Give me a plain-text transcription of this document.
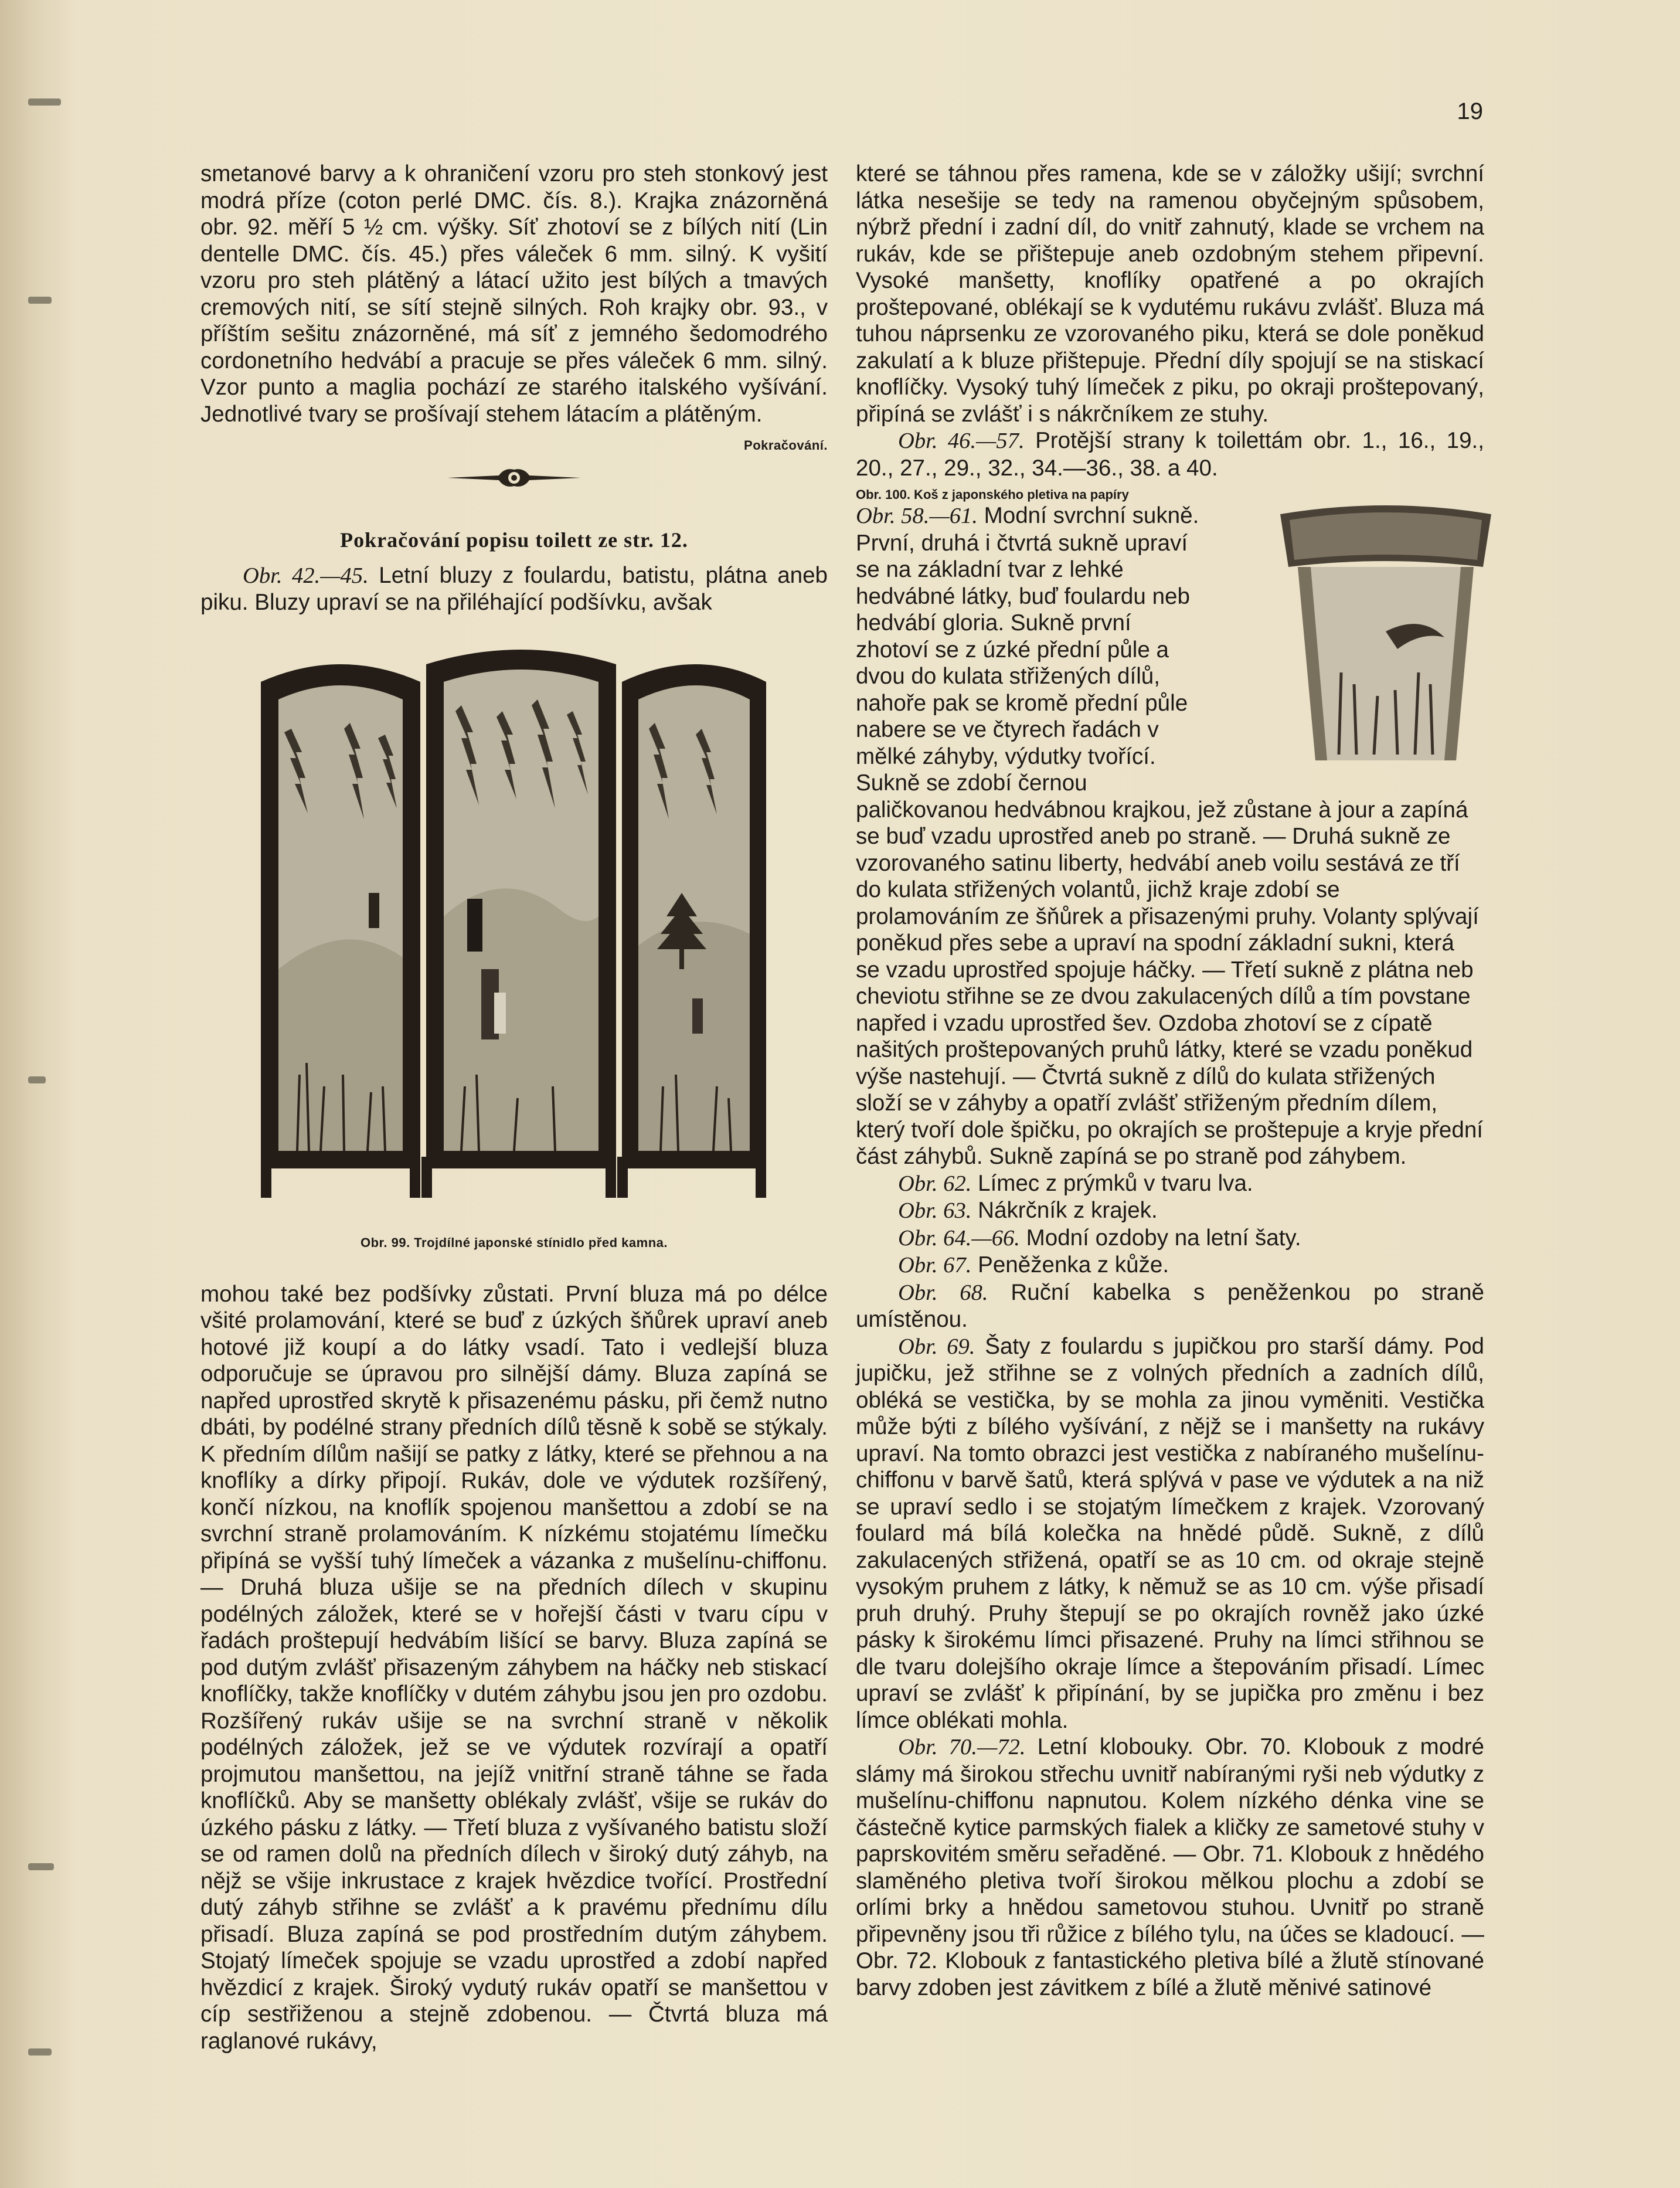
19

smetanové barvy a k ohraničení vzoru pro steh stonkový jest modrá příze (coton perlé DMC. čís. 8.). Krajka znázorněná obr. 92. měří 5 ½ cm. výšky. Síť zhotoví se z bílých nití (Lin dentelle DMC. čís. 45.) přes váleček 6 mm. silný. K vyšití vzoru pro steh plátěný a látací užito jest bílých a tmavých cremových nití, se sítí stejně silných. Roh krajky obr. 93., v příštím sešitu znázorněné, má síť z jemného šedomodrého cordonetního hedvábí a pracuje se přes váleček 6 mm. silný. Vzor punto a maglia pochází ze starého italského vyšívání. Jednotlivé tvary se prošívají stehem látacím a plátěným.
Pokračování.

Pokračování popisu toilett ze str. 12.

Obr. 42.—45. Letní bluzy z foulardu, batistu, plátna aneb piku. Bluzy upraví se na přiléhající podšívku, avšak

Obr. 99. Trojdílné japonské stínidlo před kamna.

mohou také bez podšívky zůstati. První bluza má po délce všité prolamování, které se buď z úzkých šňůrek upraví aneb hotové již koupí a do látky vsadí. Tato i vedlejší bluza odporučuje se úpravou pro silnější dámy. Bluza zapíná se napřed uprostřed skrytě k přisazenému pásku, při čemž nutno dbáti, by podélné strany předních dílů těsně k sobě se stýkaly. K předním dílům našijí se patky z látky, které se přehnou a na knoflíky a dírky připojí. Rukáv, dole ve výdutek rozšířený, končí nízkou, na knoflík spojenou manšettou a zdobí se na svrchní straně prolamováním. K nízkému stojatému límečku připíná se vyšší tuhý límeček a vázanka z mušelínu-chiffonu. — Druhá bluza ušije se na předních dílech v skupinu podélných záložek, které se v hořejší části v tvaru cípu v řadách proštepují hedvábím lišící se barvy. Bluza zapíná se pod dutým zvlášť přisazeným záhybem na háčky neb stiskací knoflíčky, takže knoflíčky v dutém záhybu jsou jen pro ozdobu. Rozšířený rukáv ušije se na svrchní straně v několik podélných záložek, jež se ve výdutek rozvírají a opatří projmutou manšettou, na jejíž vnitřní straně táhne se řada knoflíčků. Aby se manšetty oblékaly zvlášť, všije se rukáv do úzkého pásku z látky. — Třetí bluza z vyšívaného batistu složí se od ramen dolů na předních dílech v široký dutý záhyb, na nějž se všije inkrustace z krajek hvězdice tvořící. Prostřední dutý záhyb střihne se zvlášť a k pravému přednímu dílu přisadí. Bluza zapíná se pod prostředním dutým záhybem. Stojatý límeček spojuje se vzadu uprostřed a zdobí napřed hvězdicí z krajek. Široký vydutý rukáv opatří se manšettou v cíp sestřiženou a stejně zdobenou. — Čtvrtá bluza má raglanové rukávy,

které se táhnou přes ramena, kde se v záložky ušijí; svrchní látka nesešije se tedy na ramenou obyčejným spůsobem, nýbrž přední i zadní díl, do vnitř zahnutý, klade se vrchem na rukáv, kde se přištepuje aneb ozdobným stehem připevní. Vysoké manšetty, knoflíky opatřené a po okrajích proštepované, oblékají se k vydutému rukávu zvlášť. Bluza má tuhou náprsenku ze vzorovaného piku, která se dole poněkud zakulatí a k bluze přištepuje. Přední díly spojují se na stiskací knoflíčky. Vysoký tuhý límeček z piku, po okraji proštepovaný, připíná se zvlášť i s nákrčníkem ze stuhy.

Obr. 46.—57. Protější strany k toilettám obr. 1., 16., 19., 20., 27., 29., 32., 34.—36., 38. a 40.

Obr. 100. Koš z japonského pletiva na papíry
Obr. 58.—61. Modní svrchní sukně. První, druhá i čtvrtá sukně upraví se na základní tvar z lehké hedvábné látky, buď foulardu neb hedvábí gloria. Sukně první zhotoví se z úzké přední půle a dvou do kulata střižených dílů, nahoře pak se kromě přední půle nabere se ve čtyrech řadách v mělké záhyby, výdutky tvořící. Sukně se zdobí černou paličkovanou hedvábnou krajkou, jež zůstane à jour a zapíná se buď vzadu uprostřed aneb po straně. — Druhá sukně ze vzorovaného satinu liberty, hedvábí aneb voilu sestává ze tří do kulata střižených volantů, jichž kraje zdobí se prolamováním ze šňůrek a přisazenými pruhy. Volanty splývají poněkud přes sebe a upraví na spodní základní sukni, která se vzadu uprostřed spojuje háčky. — Třetí sukně z plátna neb cheviotu střihne se ze dvou zakulacených dílů a tím povstane napřed i vzadu uprostřed šev. Ozdoba zhotoví se z cípatě našitých proštepovaných pruhů látky, které se vzadu poněkud výše nastehují. — Čtvrtá sukně z dílů do kulata střižených složí se v záhyby a opatří zvlášť střiženým předním dílem, který tvoří dole špičku, po okrajích se proštepuje a kryje přední část záhybů. Sukně zapíná se po straně pod záhybem.

Obr. 62. Límec z prýmků v tvaru lva.

Obr. 63. Nákrčník z krajek.

Obr. 64.—66. Modní ozdoby na letní šaty.

Obr. 67. Peněženka z kůže.

Obr. 68. Ruční kabelka s peněženkou po straně umístěnou.

Obr. 69. Šaty z foulardu s jupičkou pro starší dámy. Pod jupičku, jež střihne se z volných předních a zadních dílů, obléká se vestička, by se mohla za jinou vyměniti. Vestička může býti z bílého vyšívání, z nějž se i manšetty na rukávy upraví. Na tomto obrazci jest vestička z nabíraného mušelínu-chiffonu v barvě šatů, která splývá v pase ve výdutek a na niž se upraví sedlo i se stojatým límečkem z krajek. Vzorovaný foulard má bílá kolečka na hnědé půdě. Sukně, z dílů zakulacených střižená, opatří se as 10 cm. od okraje stejně vysokým pruhem z látky, k němuž se as 10 cm. výše přisadí pruh druhý. Pruhy štepují se po okrajích rovněž jako úzké pásky k širokému límci přisazené. Pruhy na límci střihnou se dle tvaru dolejšího okraje límce a štepováním přisadí. Límec upraví se zvlášť k připínání, by se jupička pro změnu i bez límce oblékati mohla.

Obr. 70.—72. Letní klobouky. Obr. 70. Klobouk z modré slámy má širokou střechu uvnitř nabíranými ryši neb výdutky z mušelínu-chiffonu napnutou. Kolem nízkého dénka vine se částečně kytice parmských fialek a kličky ze sametové stuhy v paprskovitém směru seřaděné. — Obr. 71. Klobouk z hnědého slaměného pletiva tvoří širokou mělkou plochu a zdobí se orlími brky a hnědou sametovou stuhou. Uvnitř po straně připevněny jsou tři růžice z bílého tylu, na účes se kladoucí. — Obr. 72. Klobouk z fantastického pletiva bílé a žlutě stínované barvy zdoben jest závitkem z bílé a žlutě měnivé satinové
